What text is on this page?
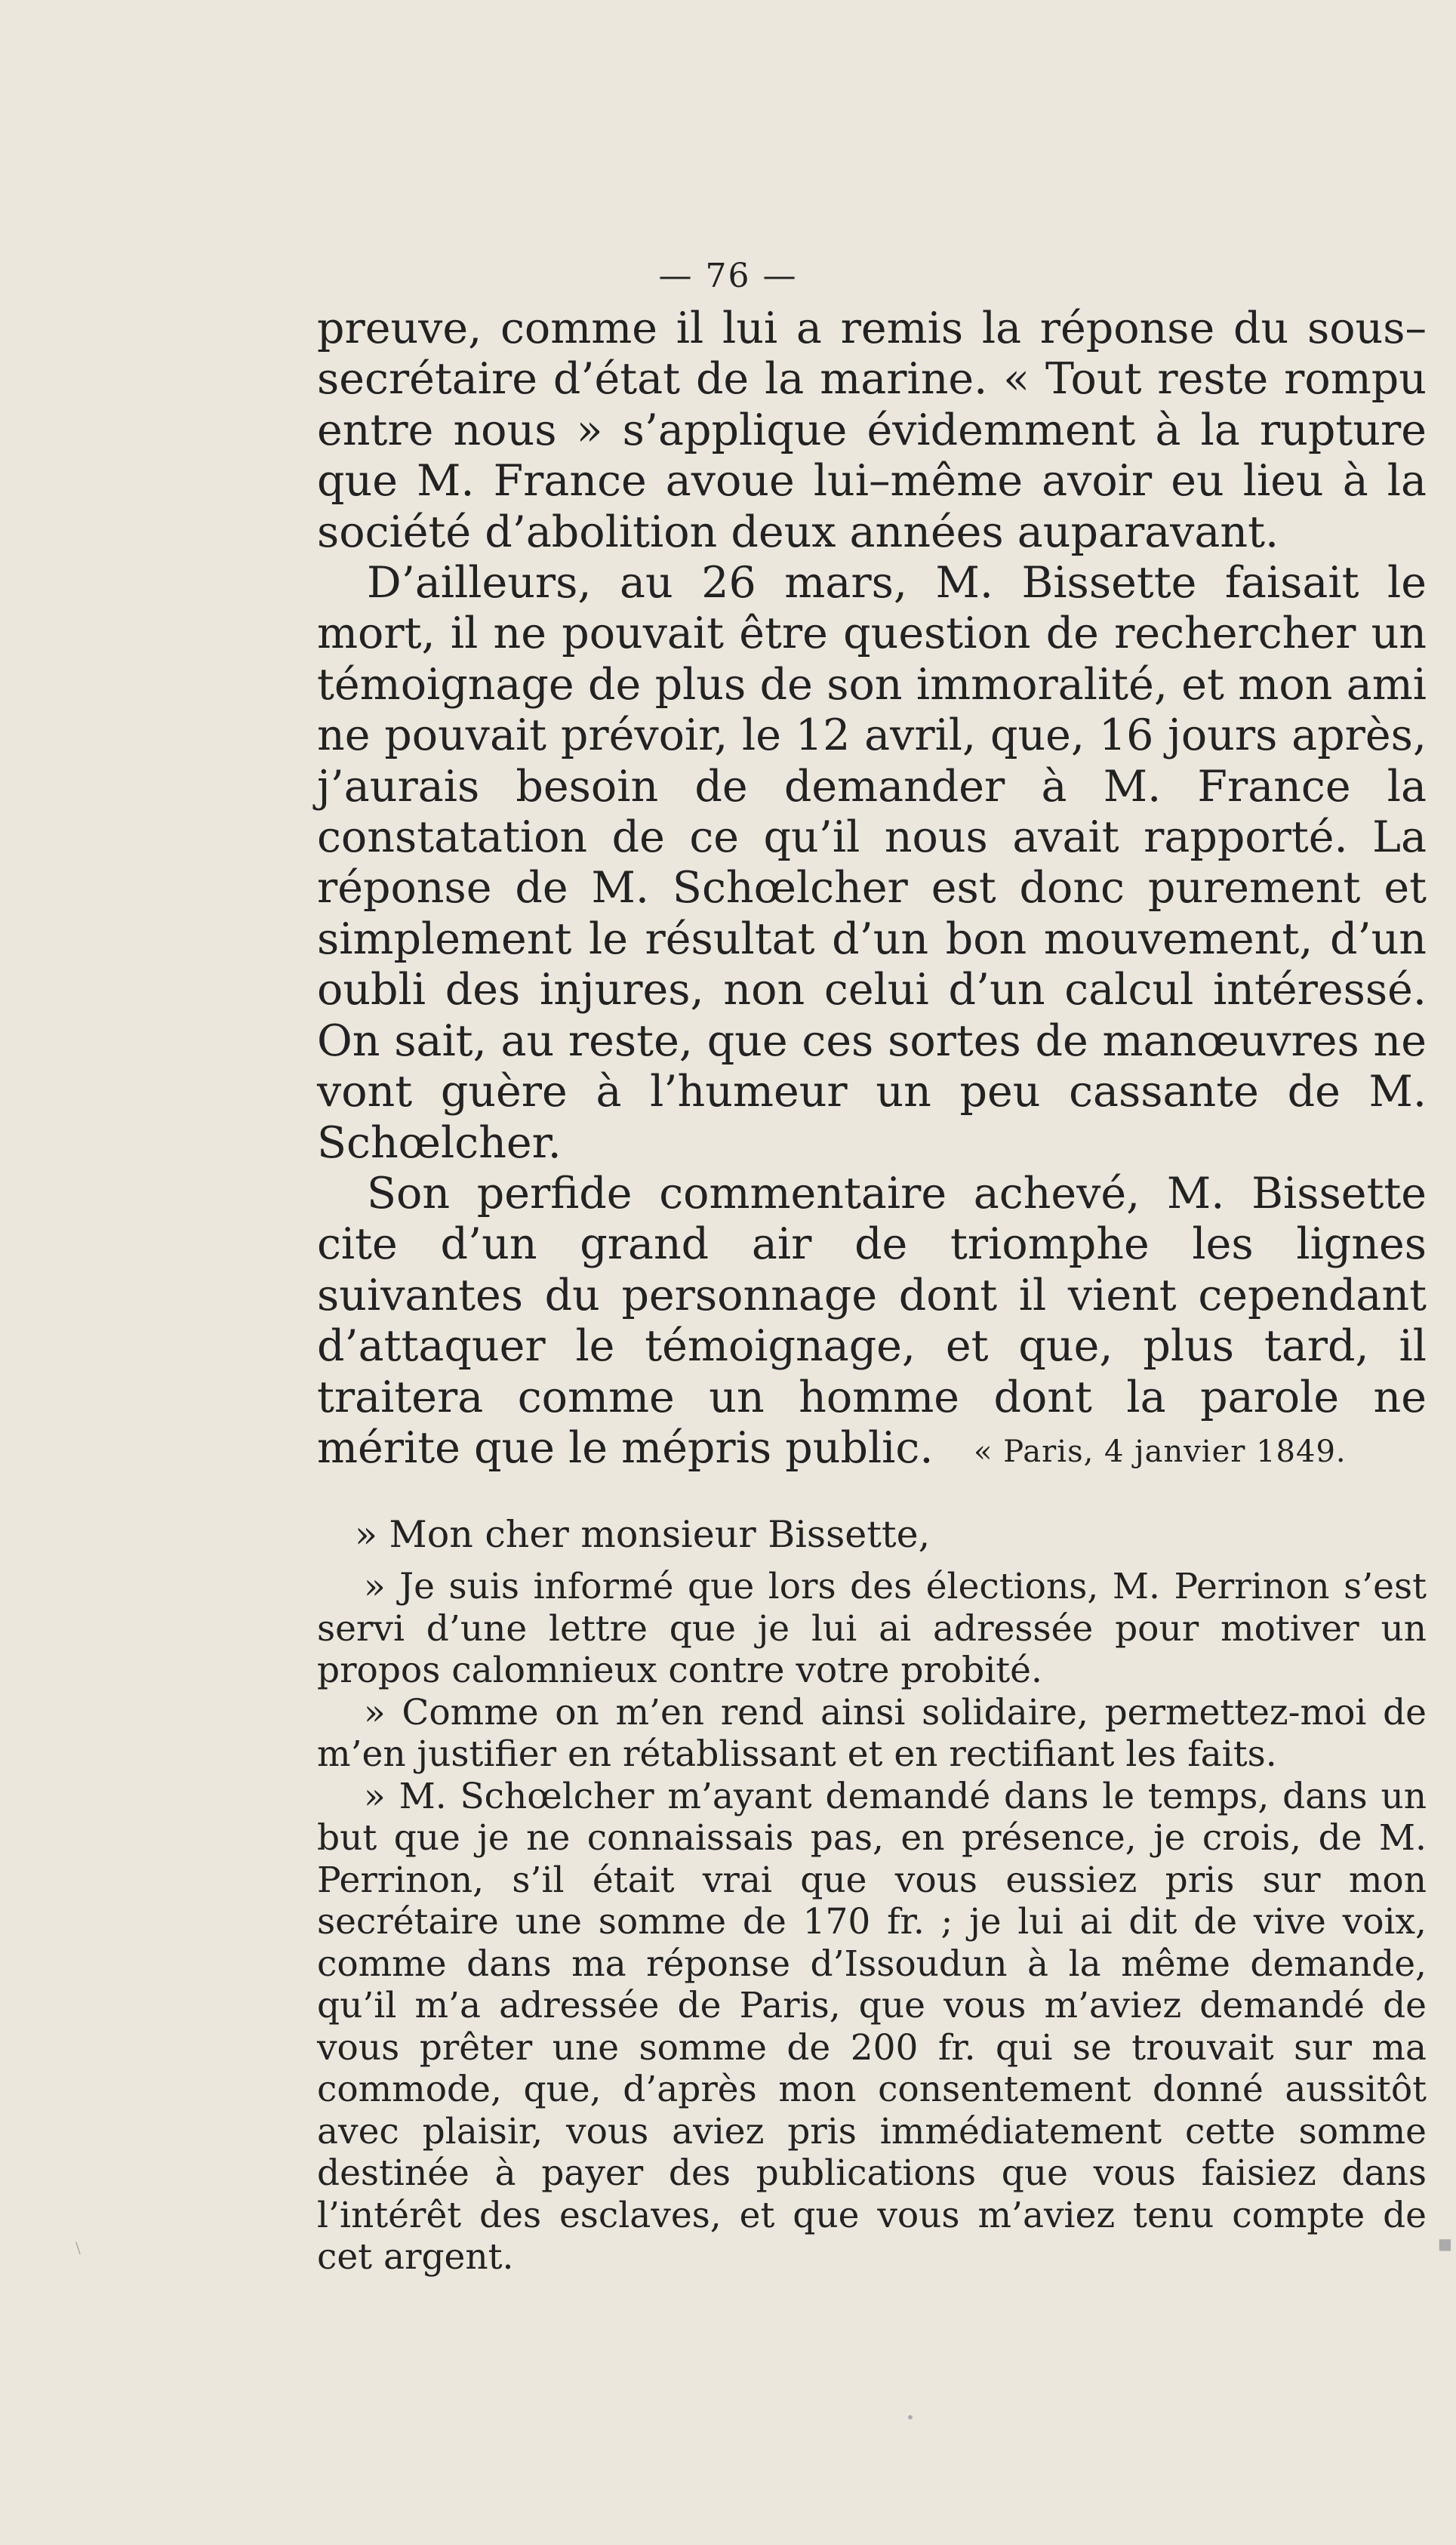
— 76 —

preuve, comme il lui a remis la réponse du sous–secrétaire d’état de la marine. « Tout reste rompu entre nous » s’applique évidemment à la rupture que M. France avoue lui–même avoir eu lieu à la société d’abolition deux années auparavant.

D’ailleurs, au 26 mars, M. Bissette faisait le mort, il ne pouvait être question de rechercher un témoignage de plus de son immoralité, et mon ami ne pouvait prévoir, le 12 avril, que, 16 jours après, j’aurais besoin de demander à M. France la constatation de ce qu’il nous avait rapporté. La réponse de M. Schœlcher est donc purement et simplement le résultat d’un bon mouvement, d’un oubli des injures, non celui d’un calcul intéressé. On sait, au reste, que ces sortes de manœuvres ne vont guère à l’humeur un peu cassante de M. Schœlcher.

Son perfide commentaire achevé, M. Bissette cite d’un grand air de triomphe les lignes suivantes du personnage dont il vient cependant d’attaquer le témoignage, et que, plus tard, il traitera comme un homme dont la parole ne mérite que le mépris public.	« Paris, 4 janvier 1849.
» Mon cher monsieur Bissette,

» Je suis informé que lors des élections, M. Perrinon s’est servi d’une lettre que je lui ai adressée pour motiver un propos calomnieux contre votre probité.

» Comme on m’en rend ainsi solidaire, permettez-moi de m’en justifier en rétablissant et en rectifiant les faits.

» M. Schœlcher m’ayant demandé dans le temps, dans un but que je ne connaissais pas, en présence, je crois, de M. Perrinon, s’il était vrai que vous eussiez pris sur mon secrétaire une somme de 170 fr. ; je lui ai dit de vive voix, comme dans ma réponse d’Issoudun à la même demande, qu’il m’a adressée de Paris, que vous m’aviez demandé de vous prêter une somme de 200 fr. qui se trouvait sur ma commode, que, d’après mon consentement donné aussitôt avec plaisir, vous aviez pris immédiatement cette somme destinée à payer des publications que vous faisiez dans l’intérêt des esclaves, et que vous m’aviez tenu compte de cet argent.

\	■
•
